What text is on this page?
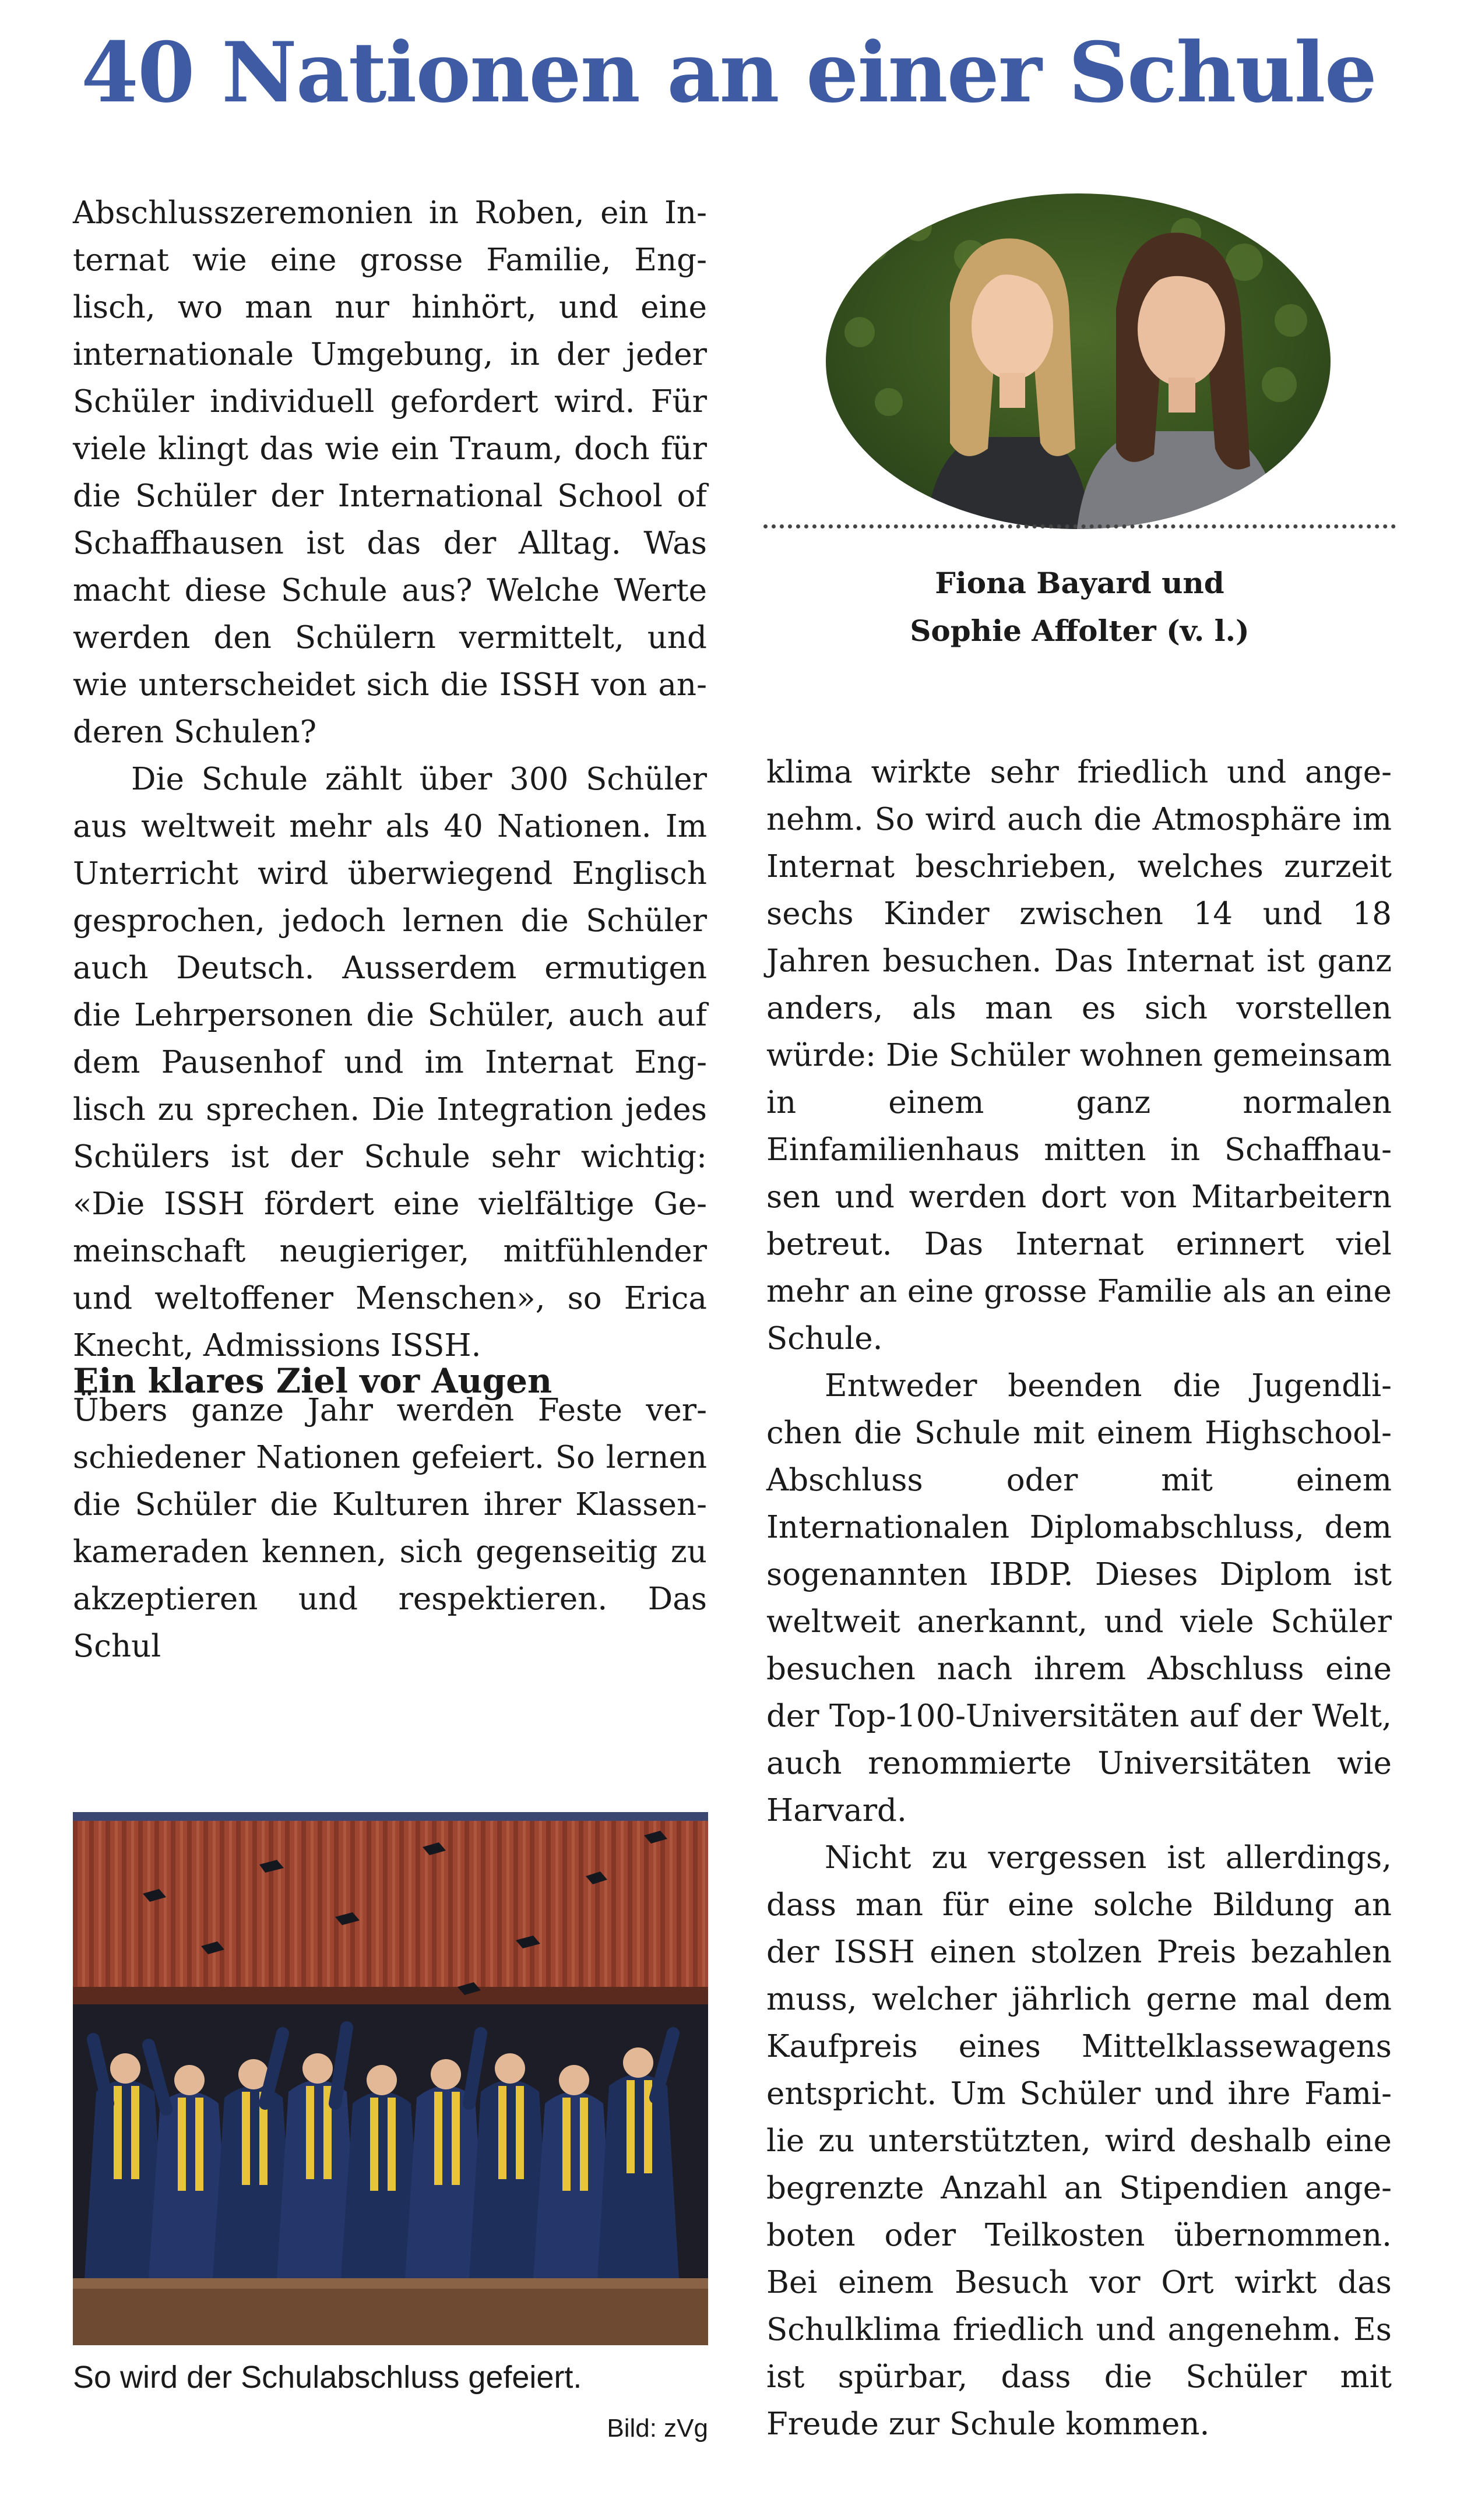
40 Nationen an einer Schule

Abschlusszeremonien in Roben, ein Internat wie eine grosse Familie, Englisch, wo man nur hinhört, und eine internationale Umgebung, in der jeder Schüler individuell gefordert wird. Für viele klingt das wie ein Traum, doch für die Schüler der International School of Schaffhausen ist das der Alltag. Was macht diese Schule aus? Welche Werte werden den Schülern vermittelt, und wie unterscheidet sich die ISSH von anderen Schulen?

Die Schule zählt über 300 Schüler aus weltweit mehr als 40 Nationen. Im Unterricht wird überwiegend Englisch gesprochen, jedoch lernen die Schüler auch Deutsch. Ausserdem ermutigen die Lehrpersonen die Schüler, auch auf dem Pausenhof und im Internat Englisch zu sprechen. Die Integration jedes Schülers ist der Schule sehr wichtig: «Die ISSH fördert eine vielfältige Gemeinschaft neugieriger, mitfühlender und weltoffener Menschen», so Erica Knecht, Admissions ISSH.

Ein klares Ziel vor Augen

Übers ganze Jahr werden Feste verschiedener Nationen gefeiert. So lernen die Schüler die Kulturen ihrer Klassenkameraden kennen, sich gegenseitig zu akzeptieren und respektieren. Das Schul

Fiona Bayard und
Sophie Affolter (v. l.)

klima wirkte sehr friedlich und angenehm. So wird auch die Atmosphäre im Internat beschrieben, welches zurzeit sechs Kinder zwischen 14 und 18 Jahren besuchen. Das Internat ist ganz anders, als man es sich vorstellen würde: Die Schüler wohnen gemeinsam in einem ganz normalen Einfamilienhaus mitten in Schaffhausen und werden dort von Mitarbeitern betreut. Das Internat erinnert viel mehr an eine grosse Familie als an eine Schule.

Entweder beenden die Jugendlichen die Schule mit einem Highschool-Abschluss oder mit einem Internationalen Diplomabschluss, dem sogenannten IBDP. Dieses Diplom ist weltweit anerkannt, und viele Schüler besuchen nach ihrem Abschluss eine der Top-100-Universitäten auf der Welt, auch renommierte Universitäten wie Harvard.

Nicht zu vergessen ist allerdings, dass man für eine solche Bildung an der ISSH einen stolzen Preis bezahlen muss, welcher jährlich gerne mal dem Kaufpreis eines Mittelklassewagens entspricht. Um Schüler und ihre Familie zu unterstützten, wird deshalb eine begrenzte Anzahl an Stipendien angeboten oder Teilkosten übernommen. Bei einem Besuch vor Ort wirkt das Schulklima friedlich und angenehm. Es ist spürbar, dass die Schüler mit Freude zur Schule kommen.

So wird der Schulabschluss gefeiert.
Bild: zVg
